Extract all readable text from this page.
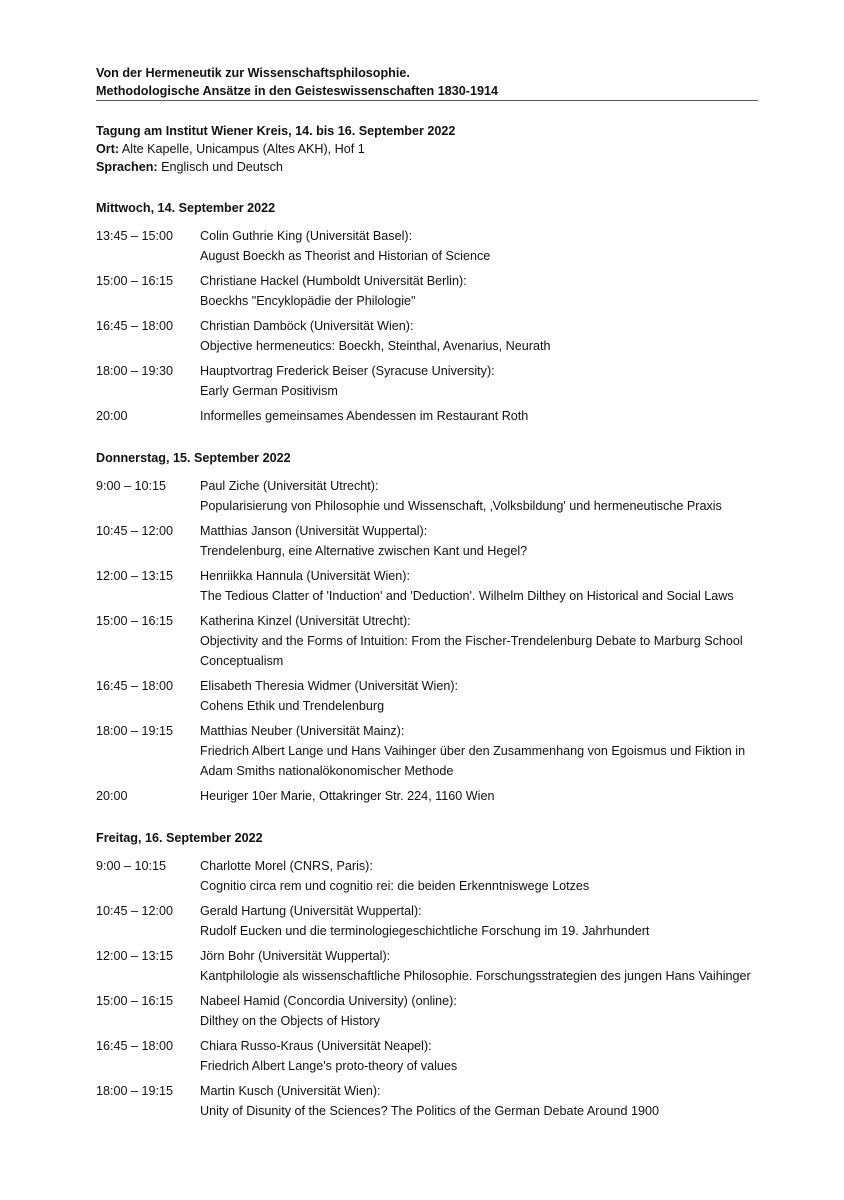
Von der Hermeneutik zur Wissenschaftsphilosophie.
Methodologische Ansätze in den Geisteswissenschaften 1830-1914
Tagung am Institut Wiener Kreis, 14. bis 16. September 2022
Ort: Alte Kapelle, Unicampus (Altes AKH), Hof 1
Sprachen: Englisch und Deutsch
Mittwoch, 14. September 2022
13:45 – 15:00	Colin Guthrie King (Universität Basel):
August Boeckh as Theorist and Historian of Science
15:00 – 16:15	Christiane Hackel (Humboldt Universität Berlin):
Boeckhs "Encyklopädie der Philologie"
16:45 – 18:00	Christian Damböck (Universität Wien):
Objective hermeneutics: Boeckh, Steinthal, Avenarius, Neurath
18:00 – 19:30	Hauptvortrag Frederick Beiser (Syracuse University):
Early German Positivism
20:00	Informelles gemeinsames Abendessen im Restaurant Roth
Donnerstag, 15. September 2022
9:00 – 10:15	Paul Ziche (Universität Utrecht):
Popularisierung von Philosophie und Wissenschaft, ‚Volksbildung' und hermeneutische Praxis
10:45 – 12:00	Matthias Janson (Universität Wuppertal):
Trendelenburg, eine Alternative zwischen Kant und Hegel?
12:00 – 13:15	Henriikka Hannula (Universität Wien):
The Tedious Clatter of 'Induction' and 'Deduction'. Wilhelm Dilthey on Historical and Social Laws
15:00 – 16:15	Katherina Kinzel (Universität Utrecht):
Objectivity and the Forms of Intuition: From the Fischer-Trendelenburg Debate to Marburg School Conceptualism
16:45 – 18:00	Elisabeth Theresia Widmer (Universität Wien):
Cohens Ethik und Trendelenburg
18:00 – 19:15	Matthias Neuber (Universität Mainz):
Friedrich Albert Lange und Hans Vaihinger über den Zusammenhang von Egoismus und Fiktion in Adam Smiths nationalökonomischer Methode
20:00	Heuriger 10er Marie, Ottakringer Str. 224, 1160 Wien
Freitag, 16. September 2022
9:00 – 10:15	Charlotte Morel (CNRS, Paris):
Cognitio circa rem und cognitio rei: die beiden Erkenntniswege Lotzes
10:45 – 12:00	Gerald Hartung (Universität Wuppertal):
Rudolf Eucken und die terminologiegeschichtliche Forschung im 19. Jahrhundert
12:00 – 13:15	Jörn Bohr (Universität Wuppertal):
Kantphilologie als wissenschaftliche Philosophie. Forschungsstrategien des jungen Hans Vaihinger
15:00 – 16:15	Nabeel Hamid (Concordia University) (online):
Dilthey on the Objects of History
16:45 – 18:00	Chiara Russo-Kraus (Universität Neapel):
Friedrich Albert Lange's proto-theory of values
18:00 – 19:15	Martin Kusch (Universität Wien):
Unity of Disunity of the Sciences? The Politics of the German Debate Around 1900
